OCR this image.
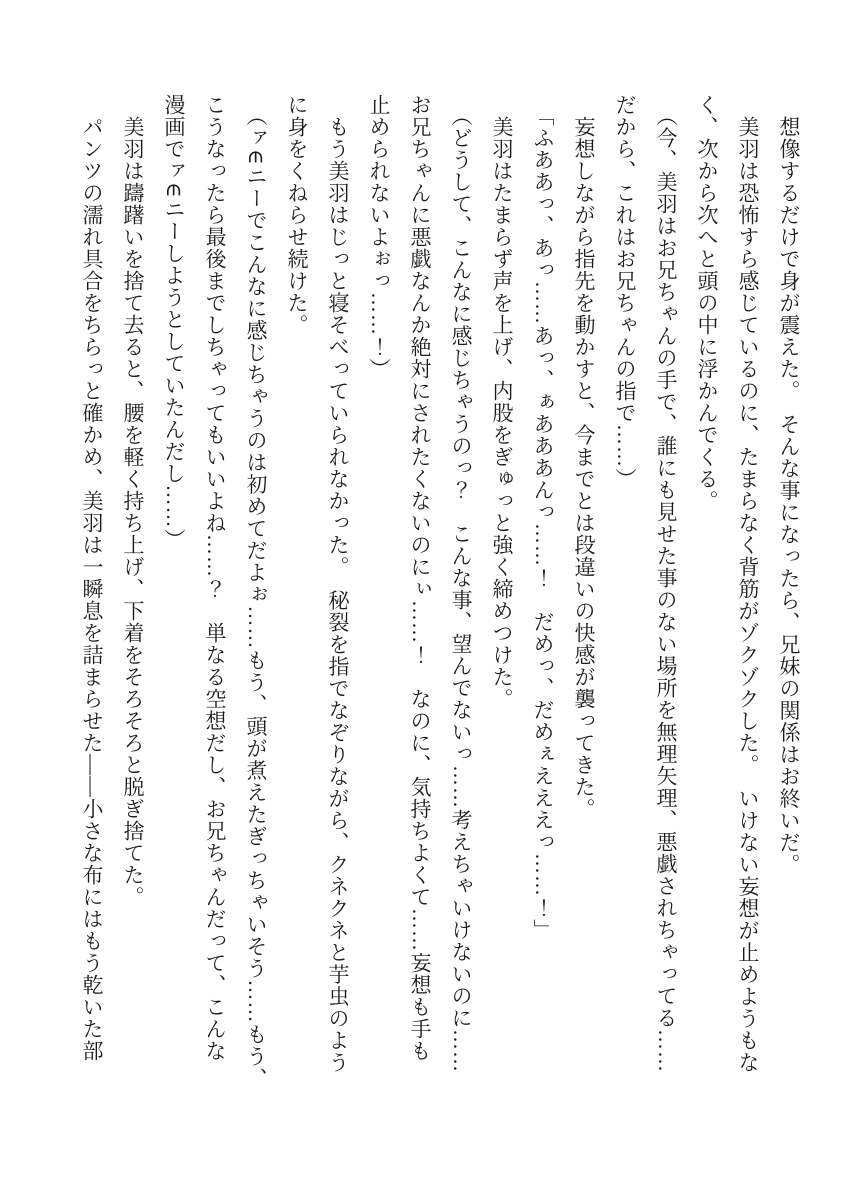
想像するだけで身が震えた。　そんな事になったら、兄妹の関係はお終いだ。

美羽は恐怖すら感じているのに、たまらなく背筋がゾクゾクした。　いけない妄想が止めようもな

く、次から次へと頭の中に浮かんでくる。

（今、美羽はお兄ちゃんの手で、誰にも見せた事のない場所を無理矢理、悪戯されちゃってる……

だから、これはお兄ちゃんの指で……）

妄想しながら指先を動かすと、今までとは段違いの快感が襲ってきた。

「ふああっ、あっ……あっ、ぁあああんっ……！　だめっ、だめぇえええっ……！」

美羽はたまらず声を上げ、内股をぎゅっと強く締めつけた。

（どうして、こんなに感じちゃうのっ？　こんな事、望んでないっ……考えちゃいけないのに……

お兄ちゃんに悪戯なんか絶対にされたくないのにぃ……！　なのに、気持ちよくて……妄想も手も

止められないよぉっ……！）

もう美羽はじっと寝そべっていられなかった。　秘裂を指でなぞりながら、クネクネと芋虫のよう

に身をくねらせ続けた。

（ァ∈ニーでこんなに感じちゃうのは初めてだよぉ……もう、頭が煮えたぎっちゃいそう……もう、

こうなったら最後までしちゃってもいいよね……？　単なる空想だし、お兄ちゃんだって、こんな

漫画でァ∈ニーしようとしていたんだし……）

美羽は躊躇いを捨て去ると、腰を軽く持ち上げ、下着をそろそろと脱ぎ捨てた。

パンツの濡れ具合をちらっと確かめ、美羽は一瞬息を詰まらせた――小さな布にはもう乾いた部
